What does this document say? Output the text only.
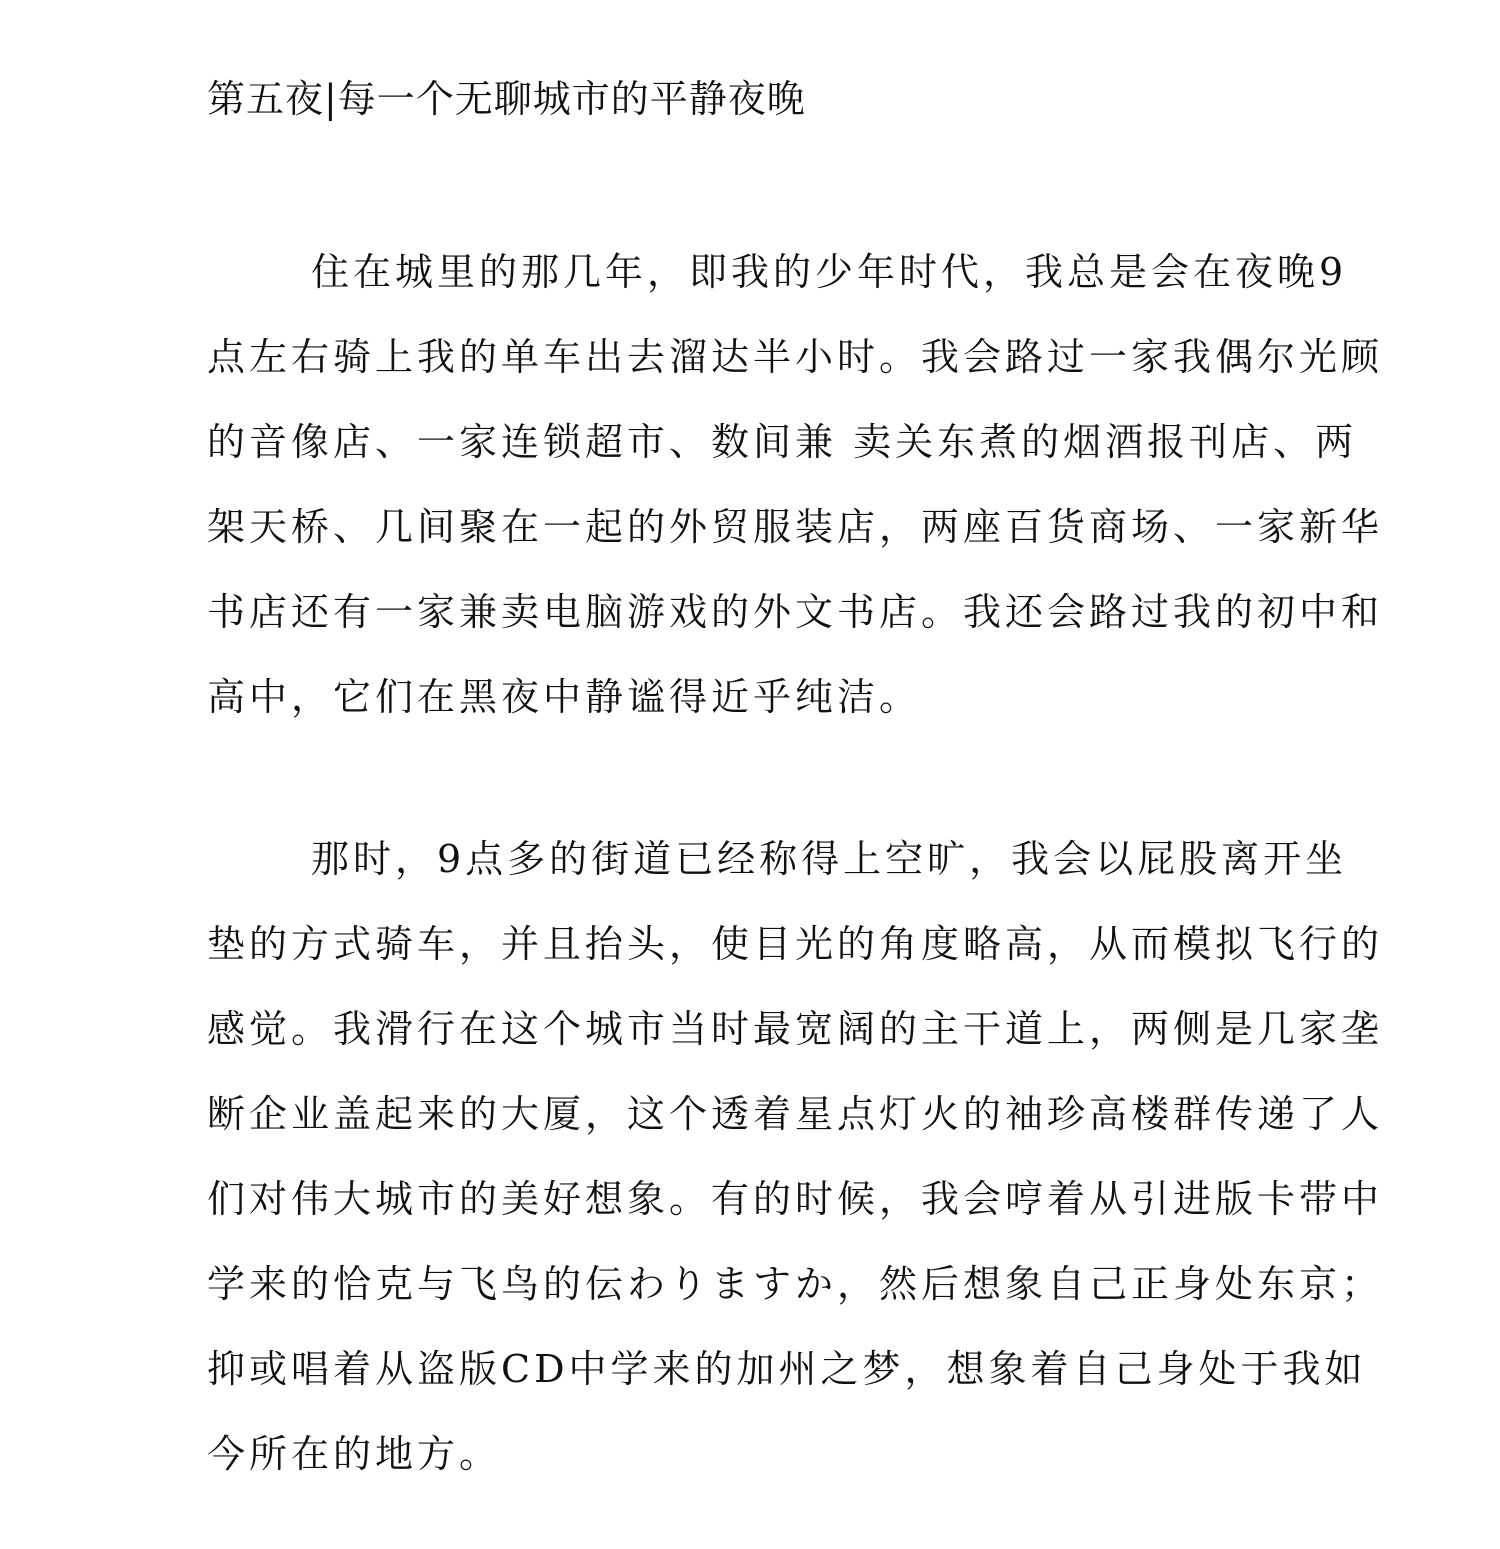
第五夜|每一个无聊城市的平静夜晚
住在城里的那几年，即我的少年时代，我总是会在夜晚9
点左右骑上我的单车出去溜达半小时。我会路过一家我偶尔光顾
的音像店、一家连锁超市、数间兼 卖关东煮的烟酒报刊店、两
架天桥、几间聚在一起的外贸服装店，两座百货商场、一家新华
书店还有一家兼卖电脑游戏的外文书店。我还会路过我的初中和
高中，它们在黑夜中静谧得近乎纯洁。
那时，9点多的街道已经称得上空旷，我会以屁股离开坐
垫的方式骑车，并且抬头，使目光的角度略高，从而模拟飞行的
感觉。我滑行在这个城市当时最宽阔的主干道上，两侧是几家垄
断企业盖起来的大厦，这个透着星点灯火的袖珍高楼群传递了人
们对伟大城市的美好想象。有的时候，我会哼着从引进版卡带中
学来的恰克与飞鸟的伝わりますか，然后想象自己正身处东京；
抑或唱着从盗版CD中学来的加州之梦，想象着自己身处于我如
今所在的地方。
